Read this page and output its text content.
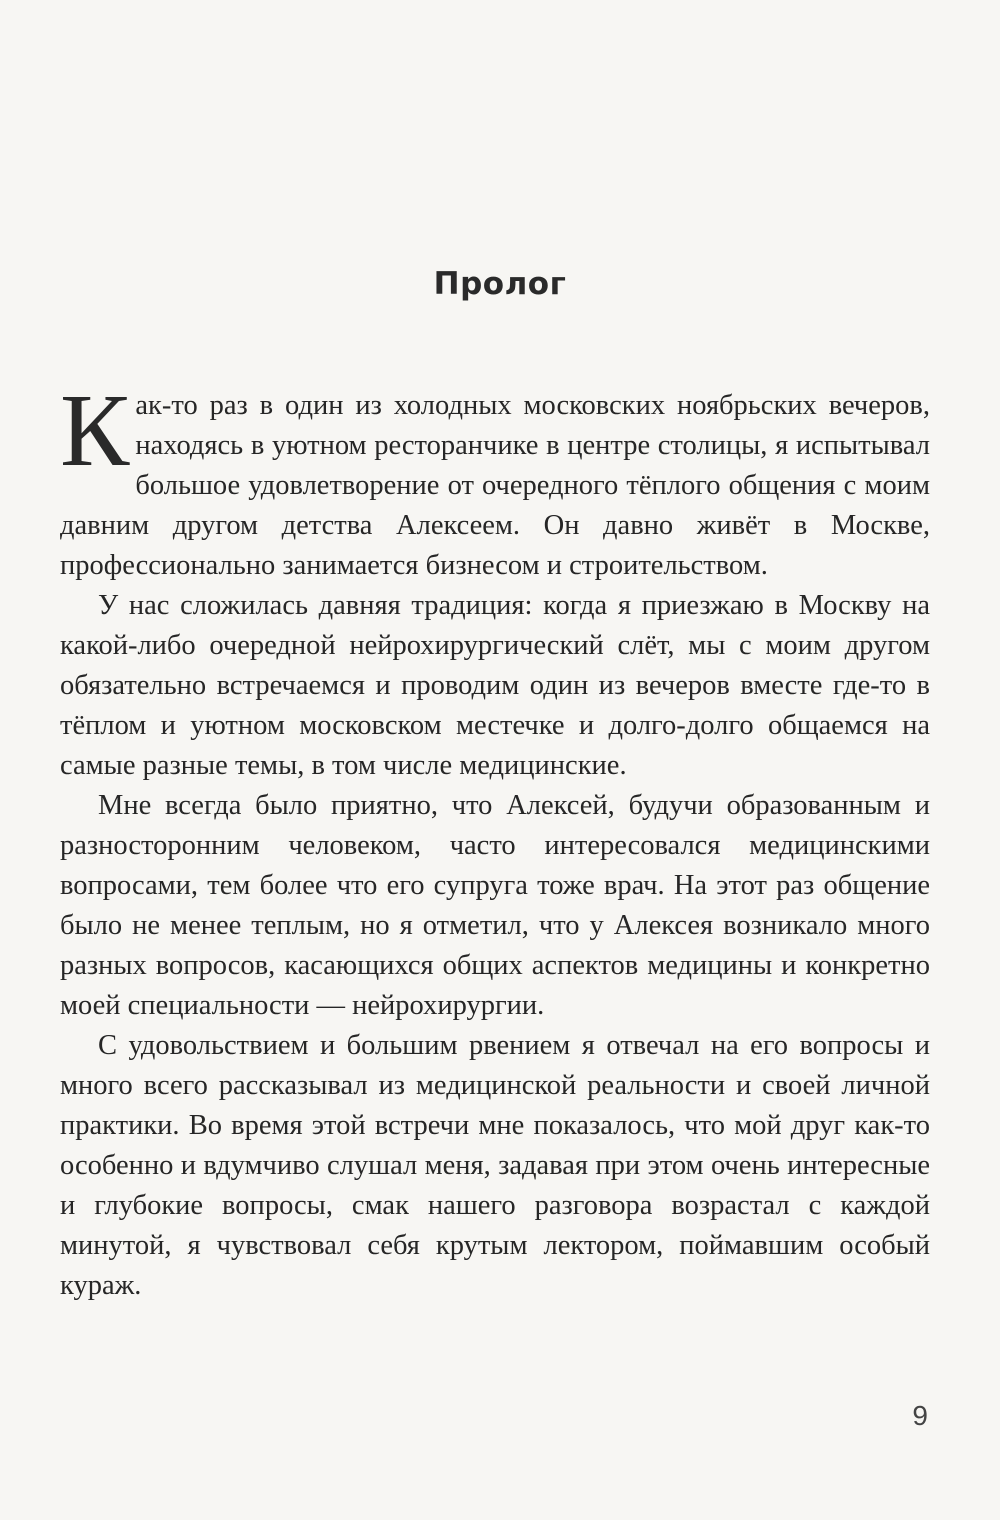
Пролог

Как-то раз в один из холодных московских ноябрьских вечеров, находясь в уютном ресторанчике в центре столицы, я испытывал большое удовлетворение от очередного тёплого общения с моим давним другом детства Алексеем. Он давно живёт в Москве, профессионально занимается бизнесом и строительством.

У нас сложилась давняя традиция: когда я приезжаю в Москву на какой-либо очередной нейрохирургический слёт, мы с моим другом обязательно встречаемся и проводим один из вечеров вместе где-то в тёплом и уютном московском местечке и долго-долго общаемся на самые разные темы, в том числе медицинские.

Мне всегда было приятно, что Алексей, будучи образованным и разносторонним человеком, часто интересовался медицинскими вопросами, тем более что его супруга тоже врач. На этот раз общение было не менее теплым, но я отметил, что у Алексея возникало много разных вопросов, касающихся общих аспектов медицины и конкретно моей специальности — нейрохирургии.

С удовольствием и большим рвением я отвечал на его вопросы и много всего рассказывал из медицинской реальности и своей личной практики. Во время этой встречи мне показалось, что мой друг как-то особенно и вдумчиво слушал меня, задавая при этом очень интересные и глубокие вопросы, смак нашего разговора возрастал с каждой минутой, я чувствовал себя крутым лектором, поймавшим особый кураж.

9
